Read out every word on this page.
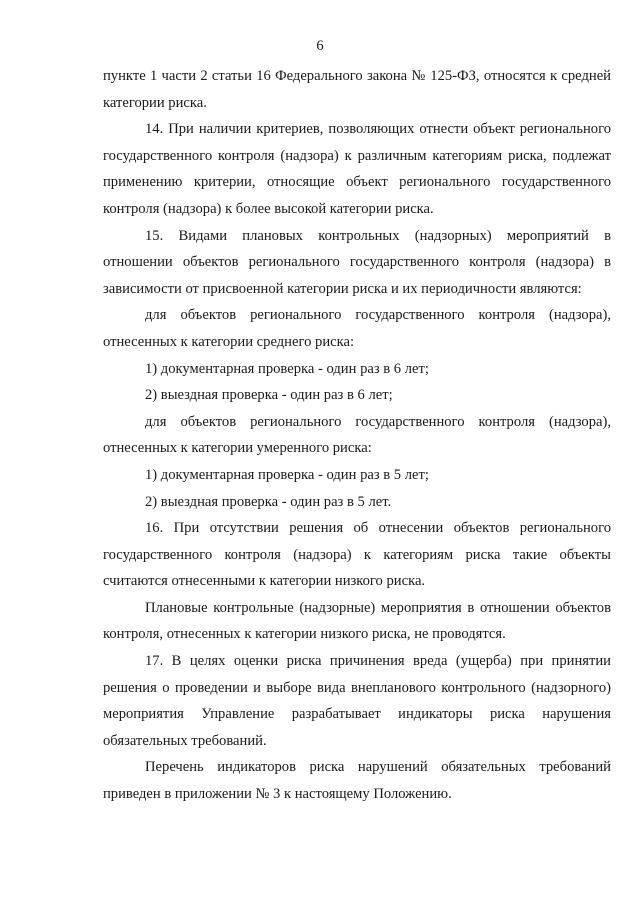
6

пункте 1 части 2 статьи 16 Федерального закона № 125-ФЗ, относятся к средней категории риска.

14. При наличии критериев, позволяющих отнести объект регионального государственного контроля (надзора) к различным категориям риска, подлежат применению критерии, относящие объект регионального государственного контроля (надзора) к более высокой категории риска.

15. Видами плановых контрольных (надзорных) мероприятий в отношении объектов регионального государственного контроля (надзора) в зависимости от присвоенной категории риска и их периодичности являются:

для объектов регионального государственного контроля (надзора), отнесенных к категории среднего риска:

1) документарная проверка - один раз в 6 лет;

2) выездная проверка - один раз в 6 лет;

для объектов регионального государственного контроля (надзора), отнесенных к категории умеренного риска:

1) документарная проверка - один раз в 5 лет;

2) выездная проверка - один раз в 5 лет.

16. При отсутствии решения об отнесении объектов регионального государственного контроля (надзора) к категориям риска такие объекты считаются отнесенными к категории низкого риска.

Плановые контрольные (надзорные) мероприятия в отношении объектов контроля, отнесенных к категории низкого риска, не проводятся.

17. В целях оценки риска причинения вреда (ущерба) при принятии решения о проведении и выборе вида внепланового контрольного (надзорного) мероприятия Управление разрабатывает индикаторы риска нарушения обязательных требований.

Перечень индикаторов риска нарушений обязательных требований приведен в приложении № 3 к настоящему Положению.
